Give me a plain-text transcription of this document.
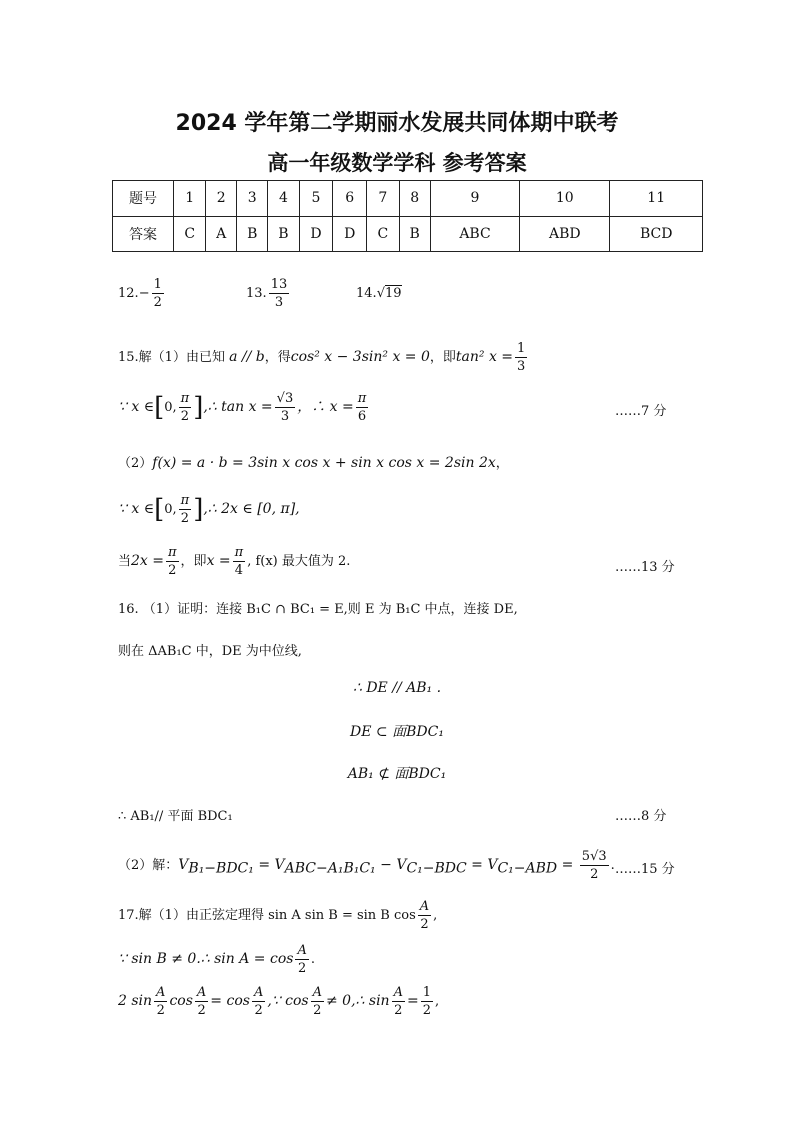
2024 学年第二学期丽水发展共同体期中联考
高一年级数学学科 参考答案
题号	1	2	3	4	5	6	7	8	9	10	11
答案	C	A	B	B	D	D	C	B	ABC	ABD	BCD
$12.- \frac{1}{2}$	13. $\frac{13}{3}$	14.√19
15.解（1）由已知 a // b，得cos² x − 3sin² x = 0，即tan² $x = \frac{1}{3}$
∵ x ∈[0, $\frac{\pi}{2}$ ],∴ $\tan x = \frac{√3}{3}$ ，∴ $x = \frac{\pi}{6}$	……7 分
（2）f(x) = a · b = 3sin x cos x + sin x cos x = 2sin 2x，
∵ x ∈[0, $\frac{\pi}{2}$ ],∴ 2x ∈ [0, π],
当$2x = \frac{\pi}{2}$ ，即$x = \frac{\pi}{4}$ , f(x) 最大值为 2.	……13 分
16. （1）证明：连接 B₁C ∩ BC₁ = E,则 E 为 B₁C 中点，连接 DE,
则在 ΔAB₁C 中，DE 为中位线,
∴ DE // AB₁ .
DE ⊂ 面BDC₁
AB₁ ⊄ 面BDC₁
∴ AB₁// 平面 BDC₁	……8 分
（2）解：$V_{B_1-BDC_1} = V_{ABC-A_1B_1C_1} - V_{C_1-BDC} = V_{C_1-ABD} = \frac{5√3}{2}$ . ……15 分
17.解（1）由正弦定理得 sin A sin B = sin B $\cos \frac{A}{2}$ ,
∵ sin B ≠ 0.∴ $\sin A = \cos \frac{A}{2}$ .
2 $\sin \frac{A}{2}$ $\cos \frac{A}{2} = \cos \frac{A}{2}$ ,∵ $\cos \frac{A}{2}$ ≠ 0,∴ $\sin \frac{A}{2} = \frac{1}{2}$ ,
